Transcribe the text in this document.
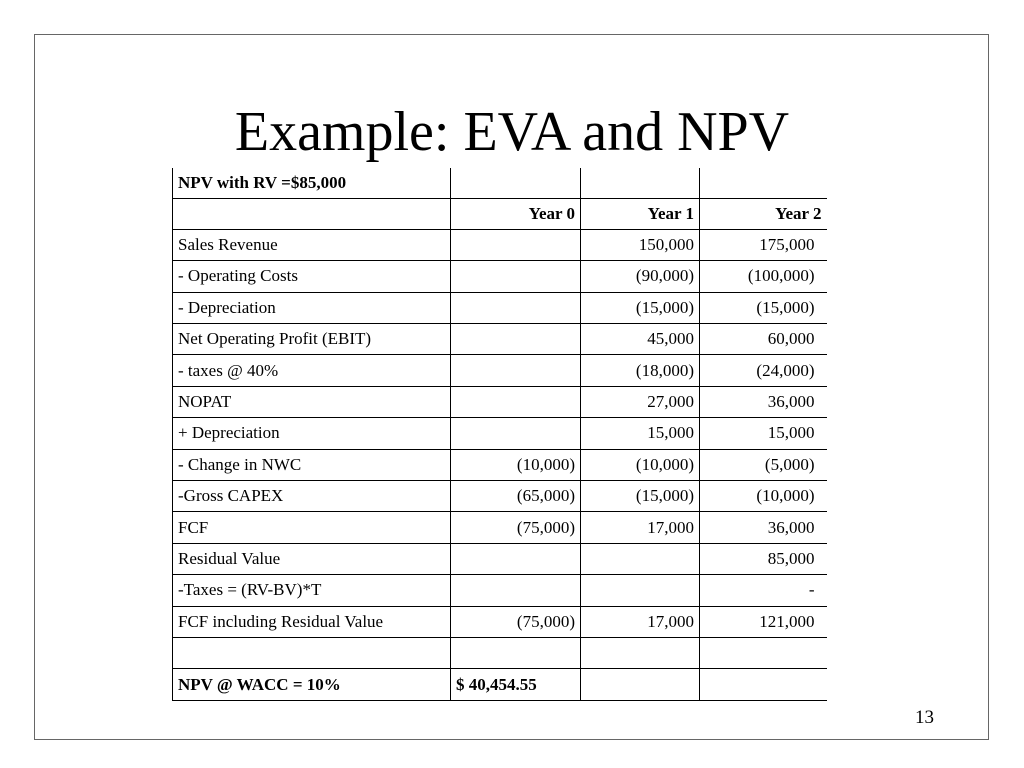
Example: EVA and NPV
NPV with RV =$85,000			
	Year 0	Year 1	Year 2
Sales Revenue		150,000	175,000
- Operating Costs		(90,000)	(100,000)
- Depreciation		(15,000)	(15,000)
Net Operating Profit (EBIT)		45,000	60,000
- taxes @ 40%		(18,000)	(24,000)
NOPAT		27,000	36,000
+ Depreciation		15,000	15,000
- Change in NWC	(10,000)	(10,000)	(5,000)
-Gross CAPEX	(65,000)	(15,000)	(10,000)
FCF	(75,000)	17,000	36,000
Residual Value			85,000
-Taxes = (RV-BV)*T			-
FCF including Residual Value	(75,000)	17,000	121,000

NPV @ WACC = 10%	$ 40,454.55		
13
